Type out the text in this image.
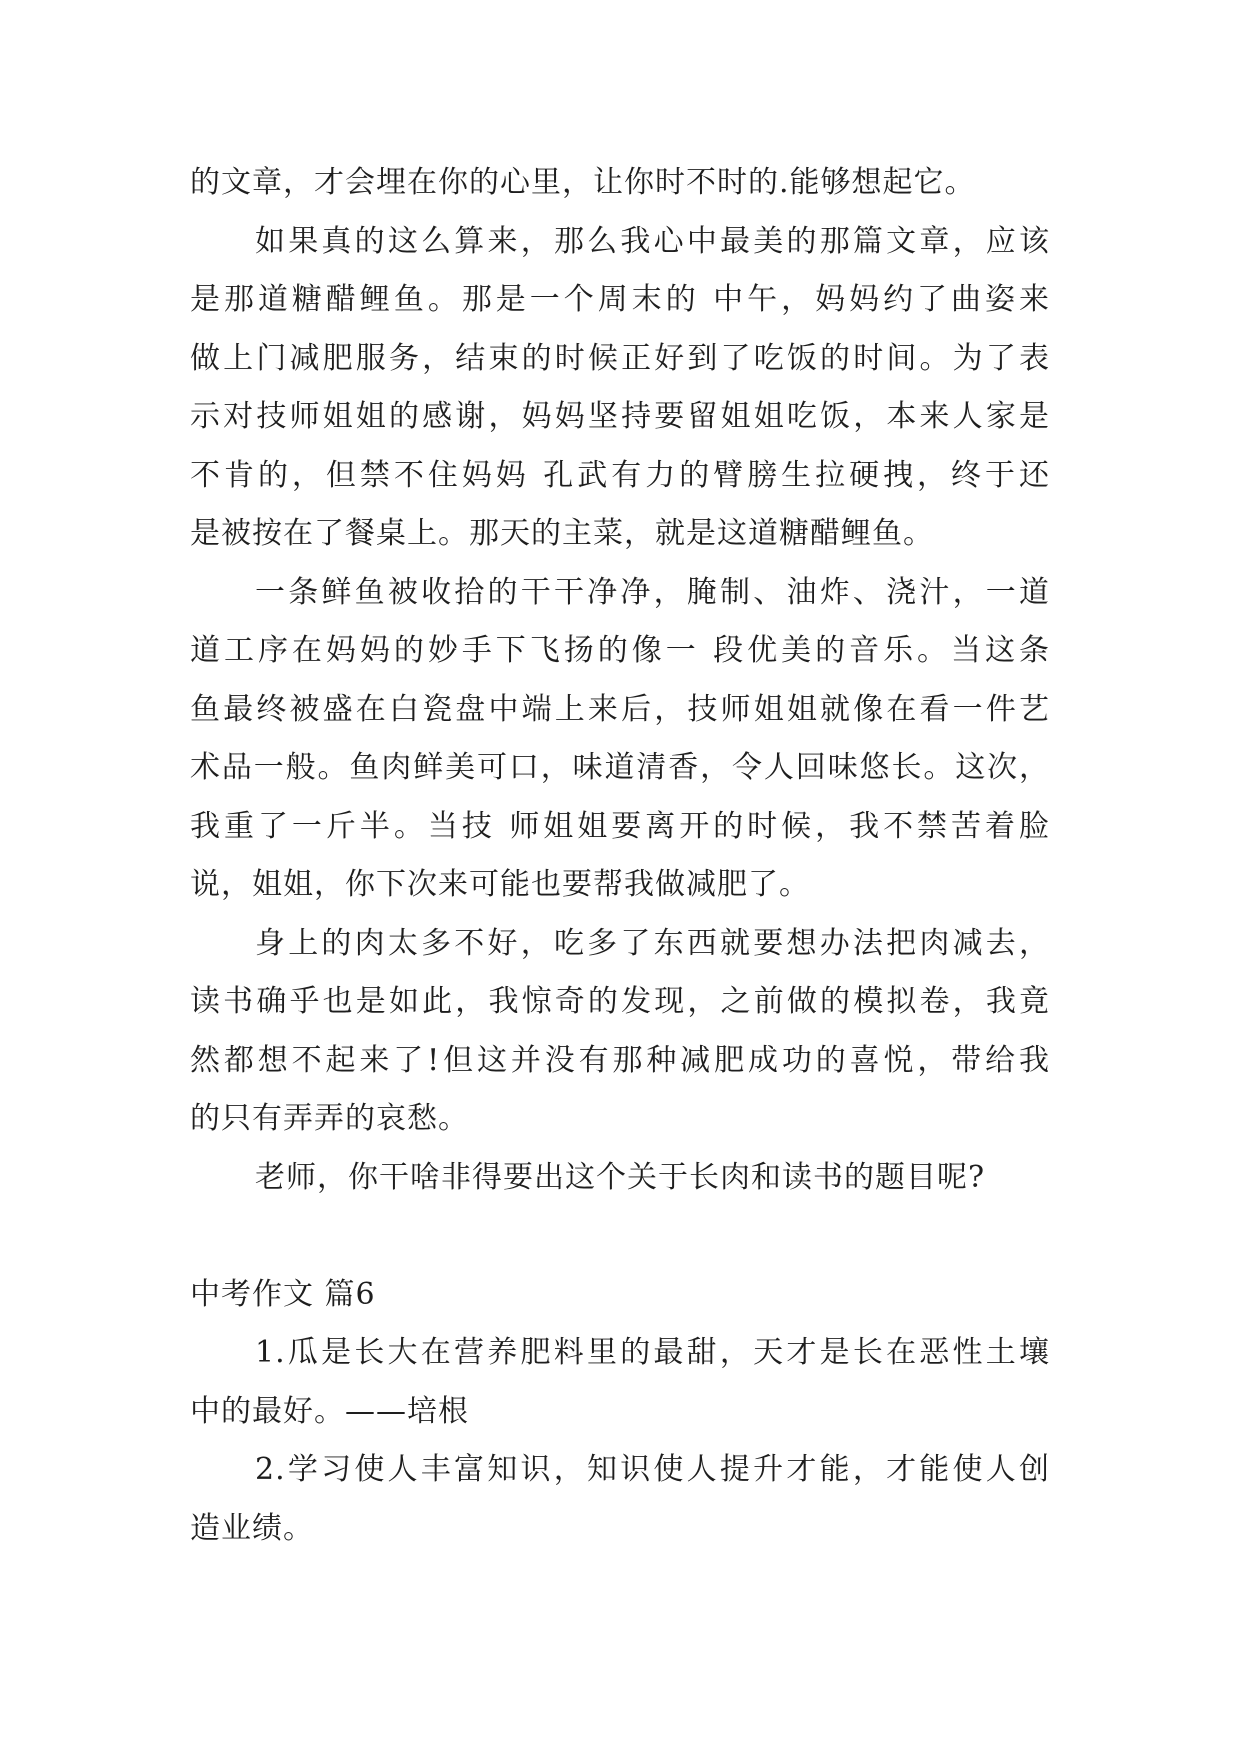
的文章，才会埋在你的心里，让你时不时的.能够想起它。
如果真的这么算来，那么我心中最美的那篇文章，应该
是那道糖醋鲤鱼。那是一个周末的 中午，妈妈约了曲姿来
做上门减肥服务，结束的时候正好到了吃饭的时间。为了表
示对技师姐姐的感谢，妈妈坚持要留姐姐吃饭，本来人家是
不肯的，但禁不住妈妈 孔武有力的臂膀生拉硬拽，终于还
是被按在了餐桌上。那天的主菜，就是这道糖醋鲤鱼。
一条鲜鱼被收拾的干干净净，腌制、油炸、浇汁，一道
道工序在妈妈的妙手下飞扬的像一 段优美的音乐。当这条
鱼最终被盛在白瓷盘中端上来后，技师姐姐就像在看一件艺
术品一般。鱼肉鲜美可口，味道清香，令人回味悠长。这次，
我重了一斤半。当技 师姐姐要离开的时候，我不禁苦着脸
说，姐姐，你下次来可能也要帮我做减肥了。
身上的肉太多不好，吃多了东西就要想办法把肉减去，
读书确乎也是如此，我惊奇的发现，之前做的模拟卷，我竟
然都想不起来了!但这并没有那种减肥成功的喜悦，带给我
的只有弄弄的哀愁。
老师，你干啥非得要出这个关于长肉和读书的题目呢?
中考作文 篇6
1.瓜是长大在营养肥料里的最甜，天才是长在恶性土壤
中的最好。——培根
2.学习使人丰富知识，知识使人提升才能，才能使人创
造业绩。
